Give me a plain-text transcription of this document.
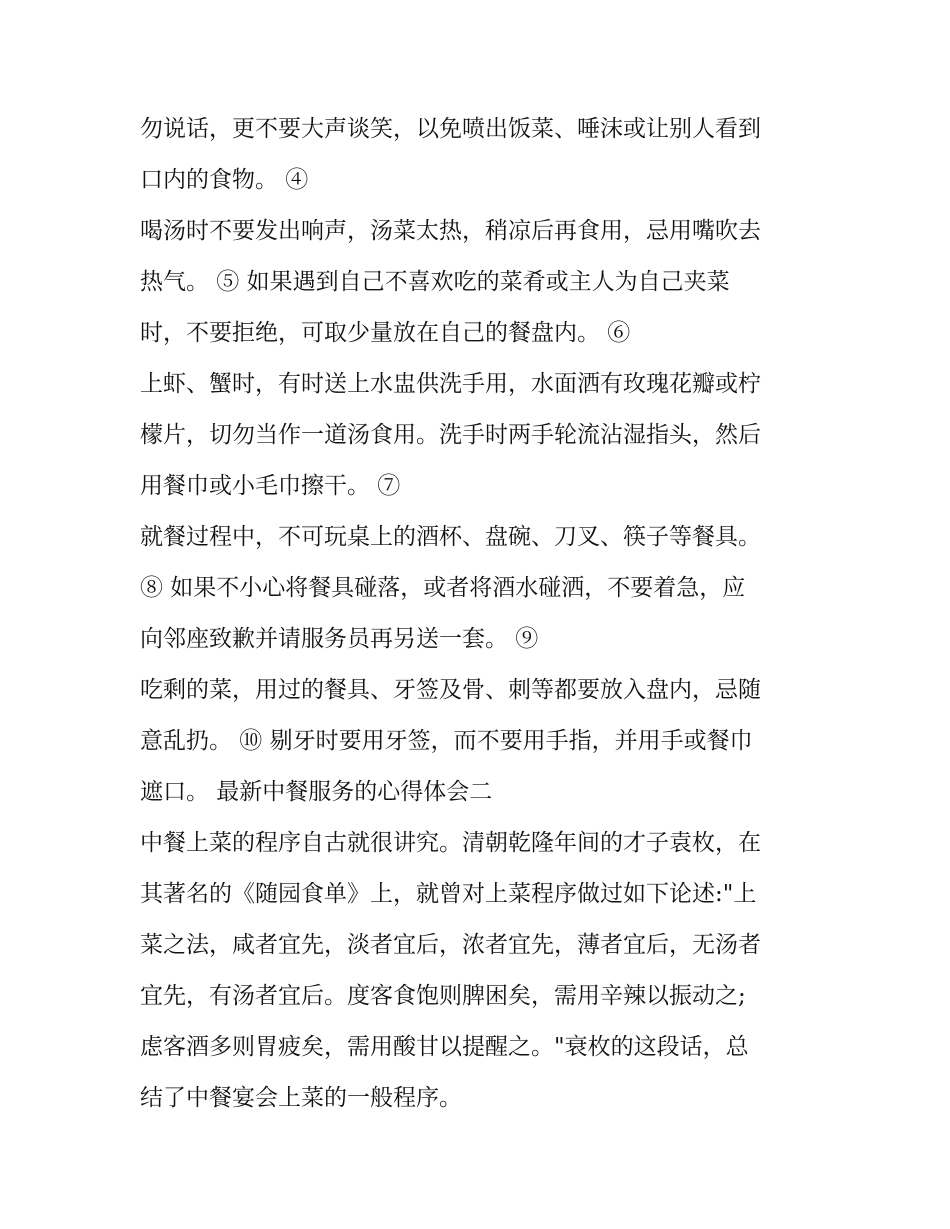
勿说话，更不要大声谈笑，以免喷出饭菜、唾沫或让别人看到
口内的食物。 ④
喝汤时不要发出响声，汤菜太热，稍凉后再食用，忌用嘴吹去
热气。 ⑤ 如果遇到自己不喜欢吃的菜肴或主人为自己夹菜
时，不要拒绝，可取少量放在自己的餐盘内。 ⑥
上虾、蟹时，有时送上水盅供洗手用，水面洒有玫瑰花瓣或柠
檬片，切勿当作一道汤食用。洗手时两手轮流沾湿指头，然后
用餐巾或小毛巾擦干。 ⑦
就餐过程中，不可玩桌上的酒杯、盘碗、刀叉、筷子等餐具。
⑧ 如果不小心将餐具碰落，或者将酒水碰洒，不要着急，应
向邻座致歉并请服务员再另送一套。 ⑨
吃剩的菜，用过的餐具、牙签及骨、刺等都要放入盘内，忌随
意乱扔。 ⑩ 剔牙时要用牙签，而不要用手指，并用手或餐巾
遮口。 最新中餐服务的心得体会二
中餐上菜的程序自古就很讲究。清朝乾隆年间的才子袁枚，在
其著名的《随园食单》上，就曾对上菜程序做过如下论述:"上
菜之法，咸者宜先，淡者宜后，浓者宜先，薄者宜后，无汤者
宜先，有汤者宜后。度客食饱则脾困矣，需用辛辣以振动之;
虑客酒多则胃疲矣，需用酸甘以提醒之。"衰枚的这段话，总
结了中餐宴会上菜的一般程序。
